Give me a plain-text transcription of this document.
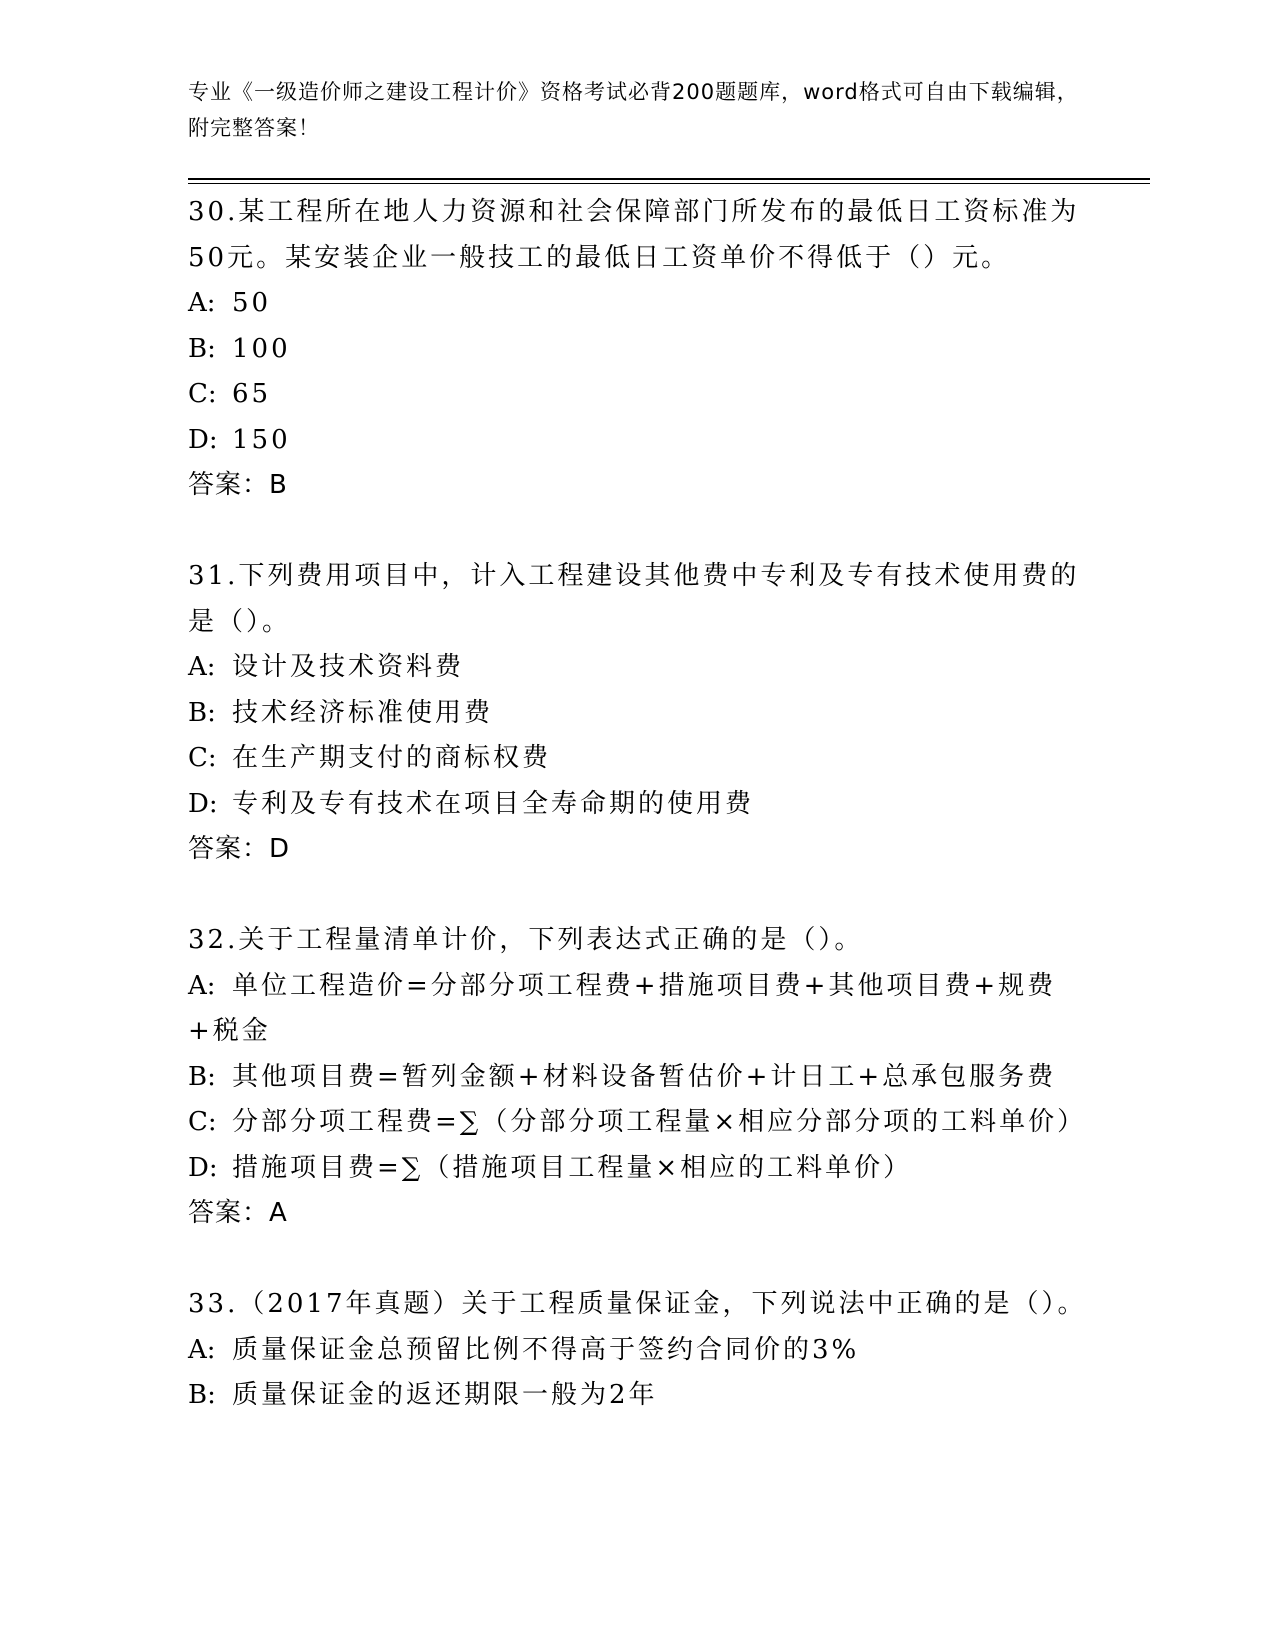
专业《一级造价师之建设工程计价》资格考试必背200题题库，word格式可自由下载编辑，附完整答案！
30.某工程所在地人力资源和社会保障部门所发布的最低日工资标准为50元。某安装企业一般技工的最低日工资单价不得低于（）元。
A: 50
B: 100
C: 65
D: 150
答案：B
31.下列费用项目中，计入工程建设其他费中专利及专有技术使用费的是（）。
A: 设计及技术资料费
B: 技术经济标准使用费
C: 在生产期支付的商标权费
D: 专利及专有技术在项目全寿命期的使用费
答案：D
32.关于工程量清单计价，下列表达式正确的是（）。
A: 单位工程造价=分部分项工程费+措施项目费+其他项目费+规费+税金
B: 其他项目费=暂列金额+材料设备暂估价+计日工+总承包服务费
C: 分部分项工程费=∑（分部分项工程量×相应分部分项的工料单价）
D: 措施项目费=∑（措施项目工程量×相应的工料单价）
答案：A
33.（2017年真题）关于工程质量保证金，下列说法中正确的是（）。
A: 质量保证金总预留比例不得高于签约合同价的3%
B: 质量保证金的返还期限一般为2年
